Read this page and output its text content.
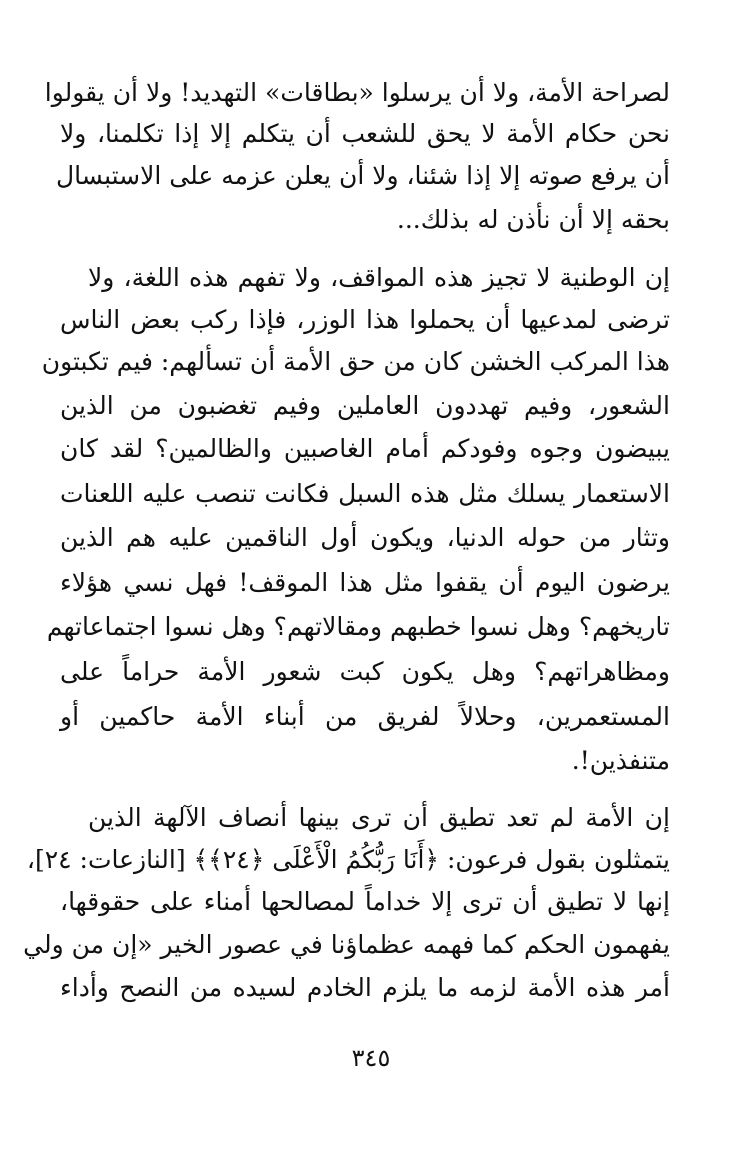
لصراحة الأمة، ولا أن يرسلوا «بطاقات» التهديد! ولا أن يقولوا
نحن حكام الأمة لا يحق للشعب أن يتكلم إلا إذا تكلمنا، ولا
أن يرفع صوته إلا إذا شئنا، ولا أن يعلن عزمه على الاستبسال
بحقه إلا أن نأذن له بذلك...
إن الوطنية لا تجيز هذه المواقف، ولا تفهم هذه اللغة، ولا
ترضى لمدعيها أن يحملوا هذا الوزر، فإذا ركب بعض الناس
هذا المركب الخشن كان من حق الأمة أن تسألهم: فيم تكبتون
الشعور، وفيم تهددون العاملين وفيم تغضبون من الذين
يبيضون وجوه وفودكم أمام الغاصبين والظالمين؟ لقد كان
الاستعمار يسلك مثل هذه السبل فكانت تنصب عليه اللعنات
وتثار من حوله الدنيا، ويكون أول الناقمين عليه هم الذين
يرضون اليوم أن يقفوا مثل هذا الموقف! فهل نسي هؤلاء
تاريخهم؟ وهل نسوا خطبهم ومقالاتهم؟ وهل نسوا اجتماعاتهم
ومظاهراتهم؟ وهل يكون كبت شعور الأمة حراماً على
المستعمرين، وحلالاً لفريق من أبناء الأمة حاكمين أو
متنفذين!.
إن الأمة لم تعد تطيق أن ترى بينها أنصاف الآلهة الذين
يتمثلون بقول فرعون: ﴿أَنَا رَبُّكُمُ الْأَعْلَى ﴿٢٤﴾﴾ [النازعات: ٢٤]،
إنها لا تطيق أن ترى إلا خداماً لمصالحها أمناء على حقوقها،
يفهمون الحكم كما فهمه عظماؤنا في عصور الخير «إن من ولي
أمر هذه الأمة لزمه ما يلزم الخادم لسيده من النصح وأداء
٣٤٥
